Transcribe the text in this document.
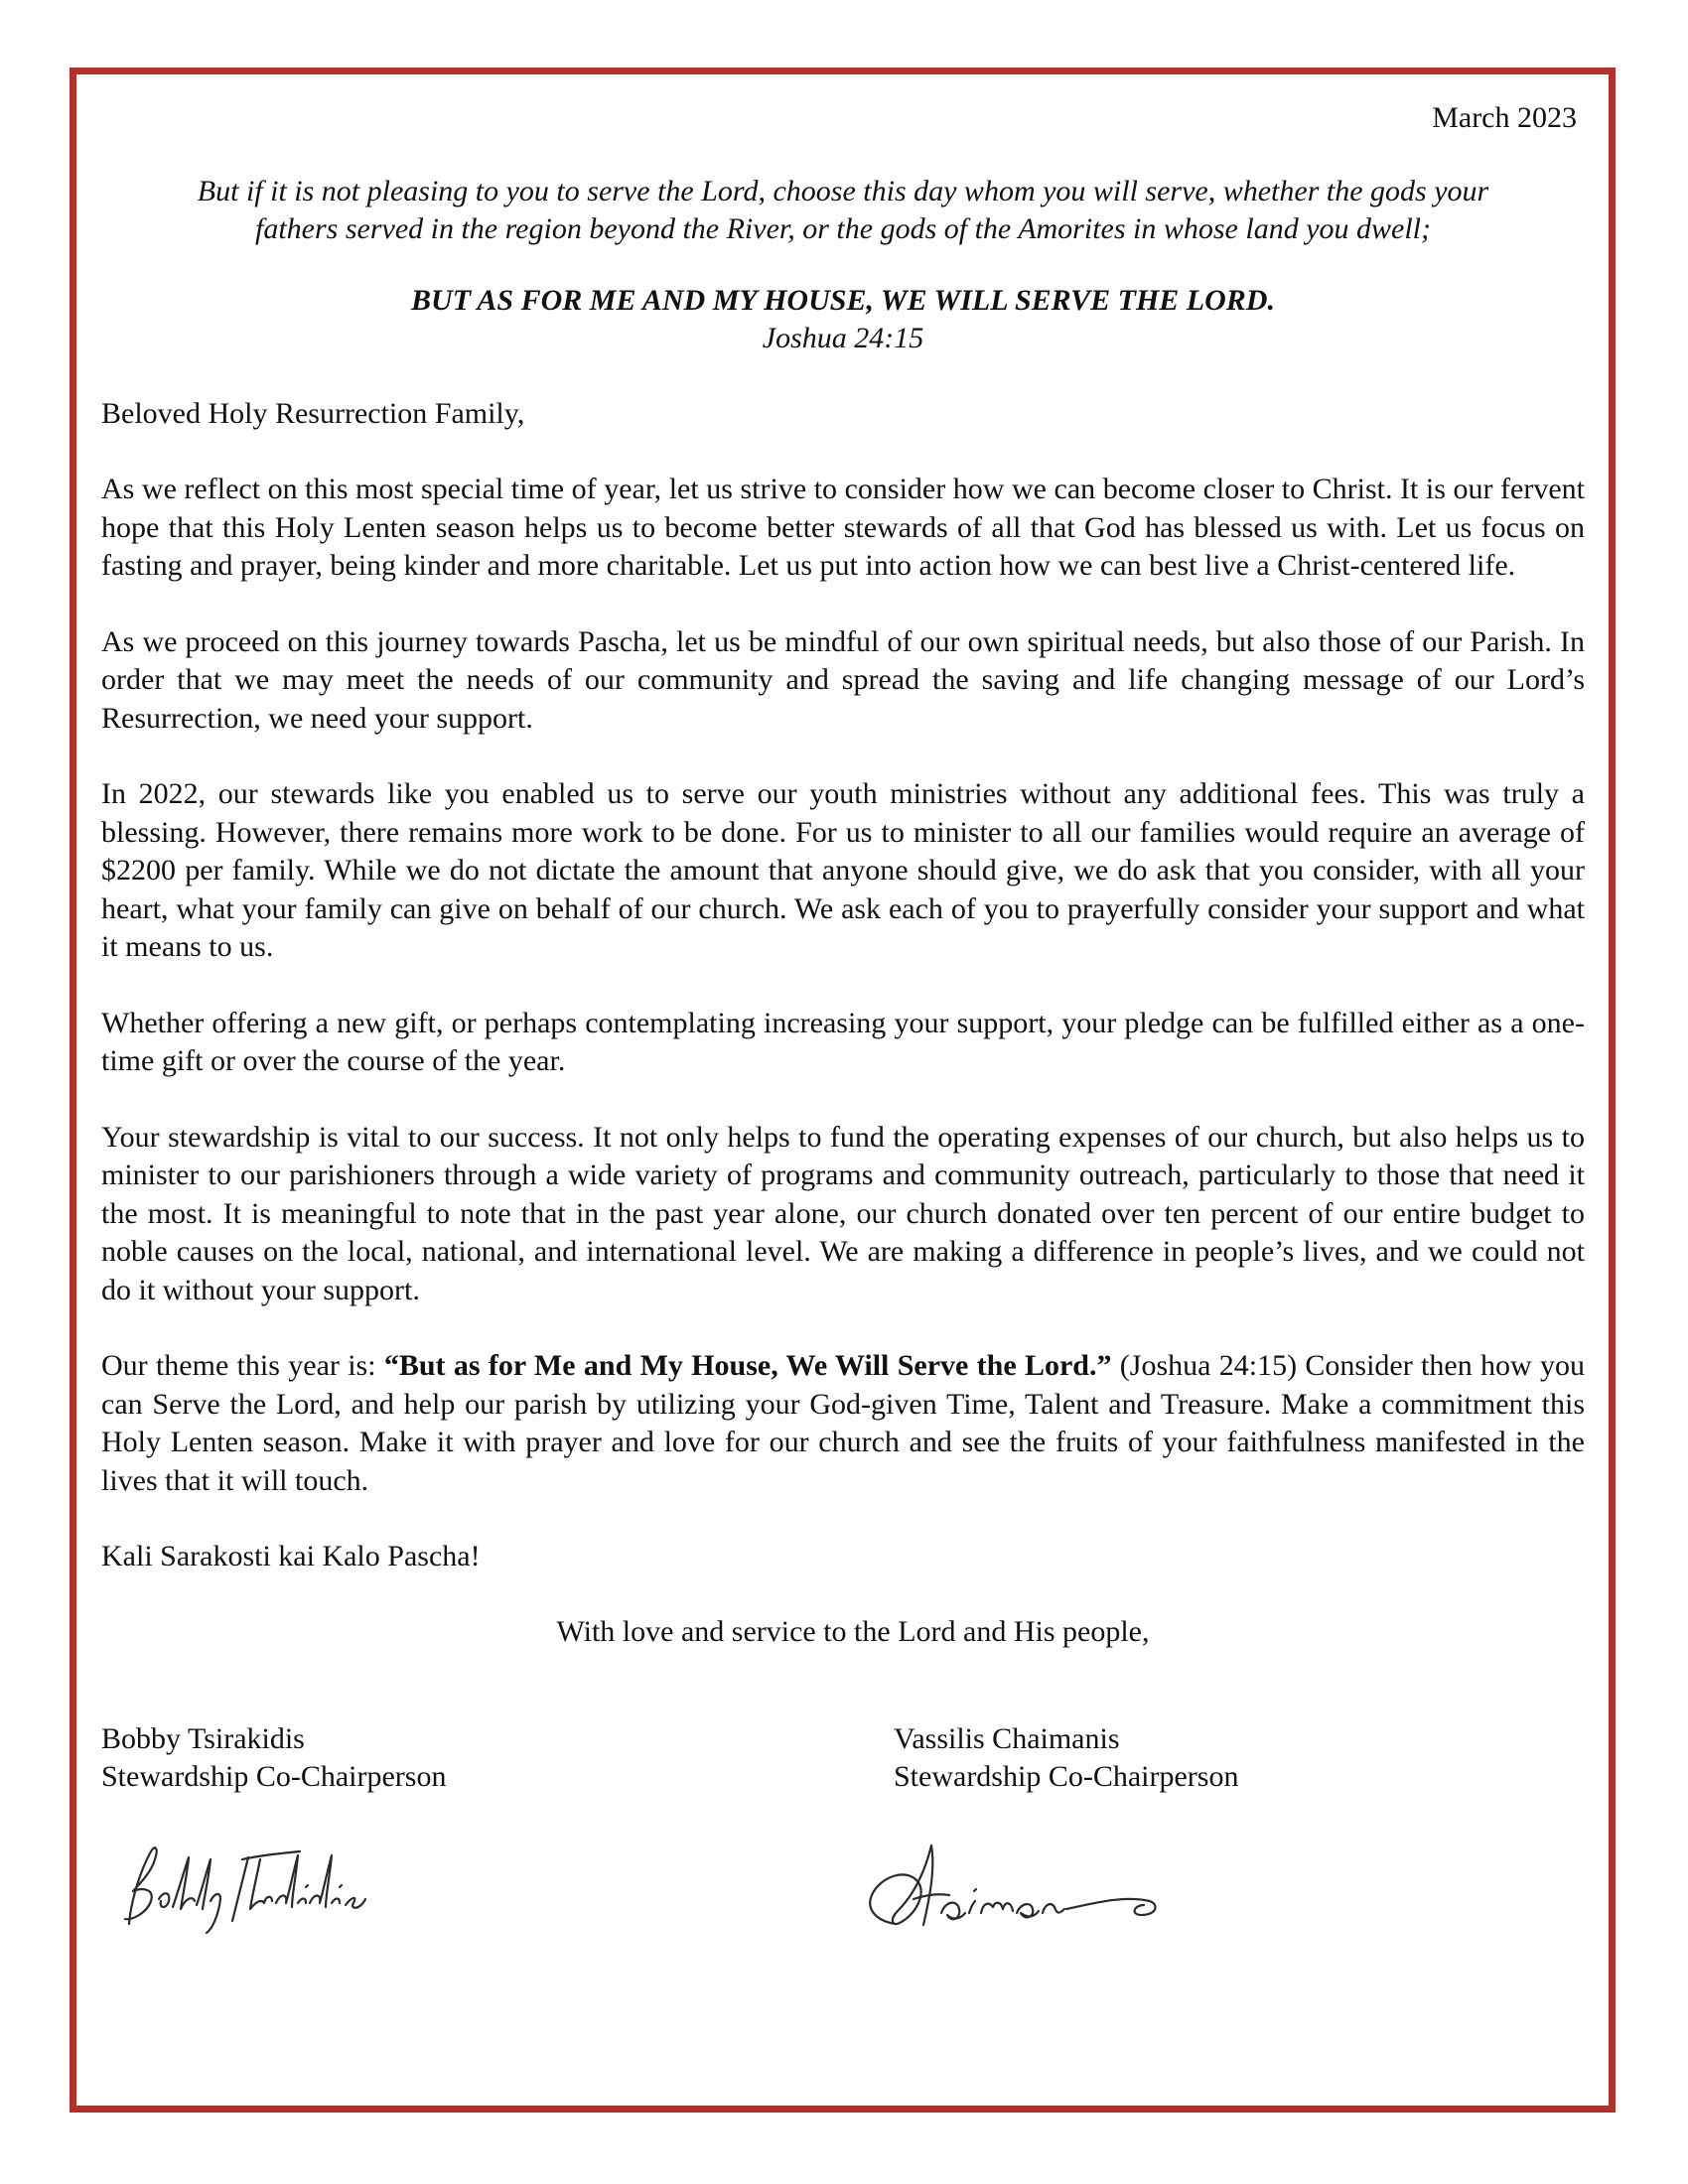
March 2023
But if it is not pleasing to you to serve the Lord, choose this day whom you will serve, whether the gods your
fathers served in the region beyond the River, or the gods of the Amorites in whose land you dwell;
BUT AS FOR ME AND MY HOUSE, WE WILL SERVE THE LORD.
Joshua 24:15
Beloved Holy Resurrection Family,

As we reflect on this most special time of year, let us strive to consider how we can become closer to Christ. It is our fervent hope that this Holy Lenten season helps us to become better stewards of all that God has blessed us with. Let us focus on fasting and prayer, being kinder and more charitable. Let us put into action how we can best live a Christ-centered life.

As we proceed on this journey towards Pascha, let us be mindful of our own spiritual needs, but also those of our Parish. In order that we may meet the needs of our community and spread the saving and life changing message of our Lord’s Resurrection, we need your support.

In 2022, our stewards like you enabled us to serve our youth ministries without any additional fees. This was truly a blessing. However, there remains more work to be done. For us to minister to all our families would require an average of $2200 per family. While we do not dictate the amount that anyone should give, we do ask that you consider, with all your heart, what your family can give on behalf of our church. We ask each of you to prayerfully consider your support and what it means to us.

Whether offering a new gift, or perhaps contemplating increasing your support, your pledge can be fulfilled either as a one-time gift or over the course of the year.

Your stewardship is vital to our success. It not only helps to fund the operating expenses of our church, but also helps us to minister to our parishioners through a wide variety of programs and community outreach, particularly to those that need it the most. It is meaningful to note that in the past year alone, our church donated over ten percent of our entire budget to noble causes on the local, national, and international level. We are making a difference in people’s lives, and we could not do it without your support.

Our theme this year is: “But as for Me and My House, We Will Serve the Lord.” (Joshua 24:15) Consider then how you can Serve the Lord, and help our parish by utilizing your God-given Time, Talent and Treasure. Make a commitment this Holy Lenten season. Make it with prayer and love for our church and see the fruits of your faithfulness manifested in the lives that it will touch.

Kali Sarakosti kai Kalo Pascha!
With love and service to the Lord and His people,
Bobby Tsirakidis
Stewardship Co-Chairperson
Vassilis Chaimanis
Stewardship Co-Chairperson
